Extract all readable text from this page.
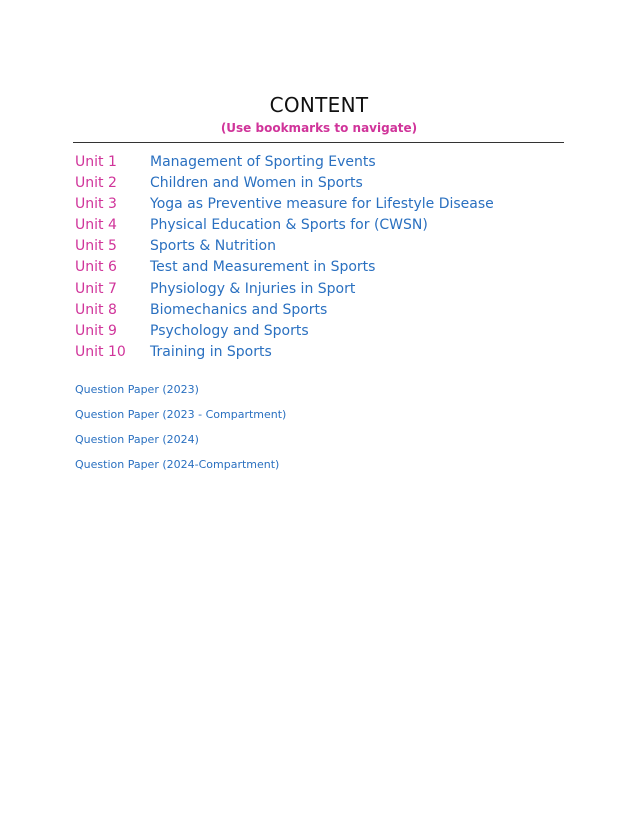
CONTENT
(Use bookmarks to navigate)
Unit 1 Management of Sporting Events
Unit 2 Children and Women in Sports
Unit 3 Yoga as Preventive measure for Lifestyle Disease
Unit 4 Physical Education & Sports for (CWSN)
Unit 5 Sports & Nutrition
Unit 6 Test and Measurement in Sports
Unit 7 Physiology & Injuries in Sport
Unit 8 Biomechanics and Sports
Unit 9 Psychology and Sports
Unit 10 Training in Sports
Question Paper (2023)
Question Paper (2023 - Compartment)
Question Paper (2024)
Question Paper (2024-Compartment)
